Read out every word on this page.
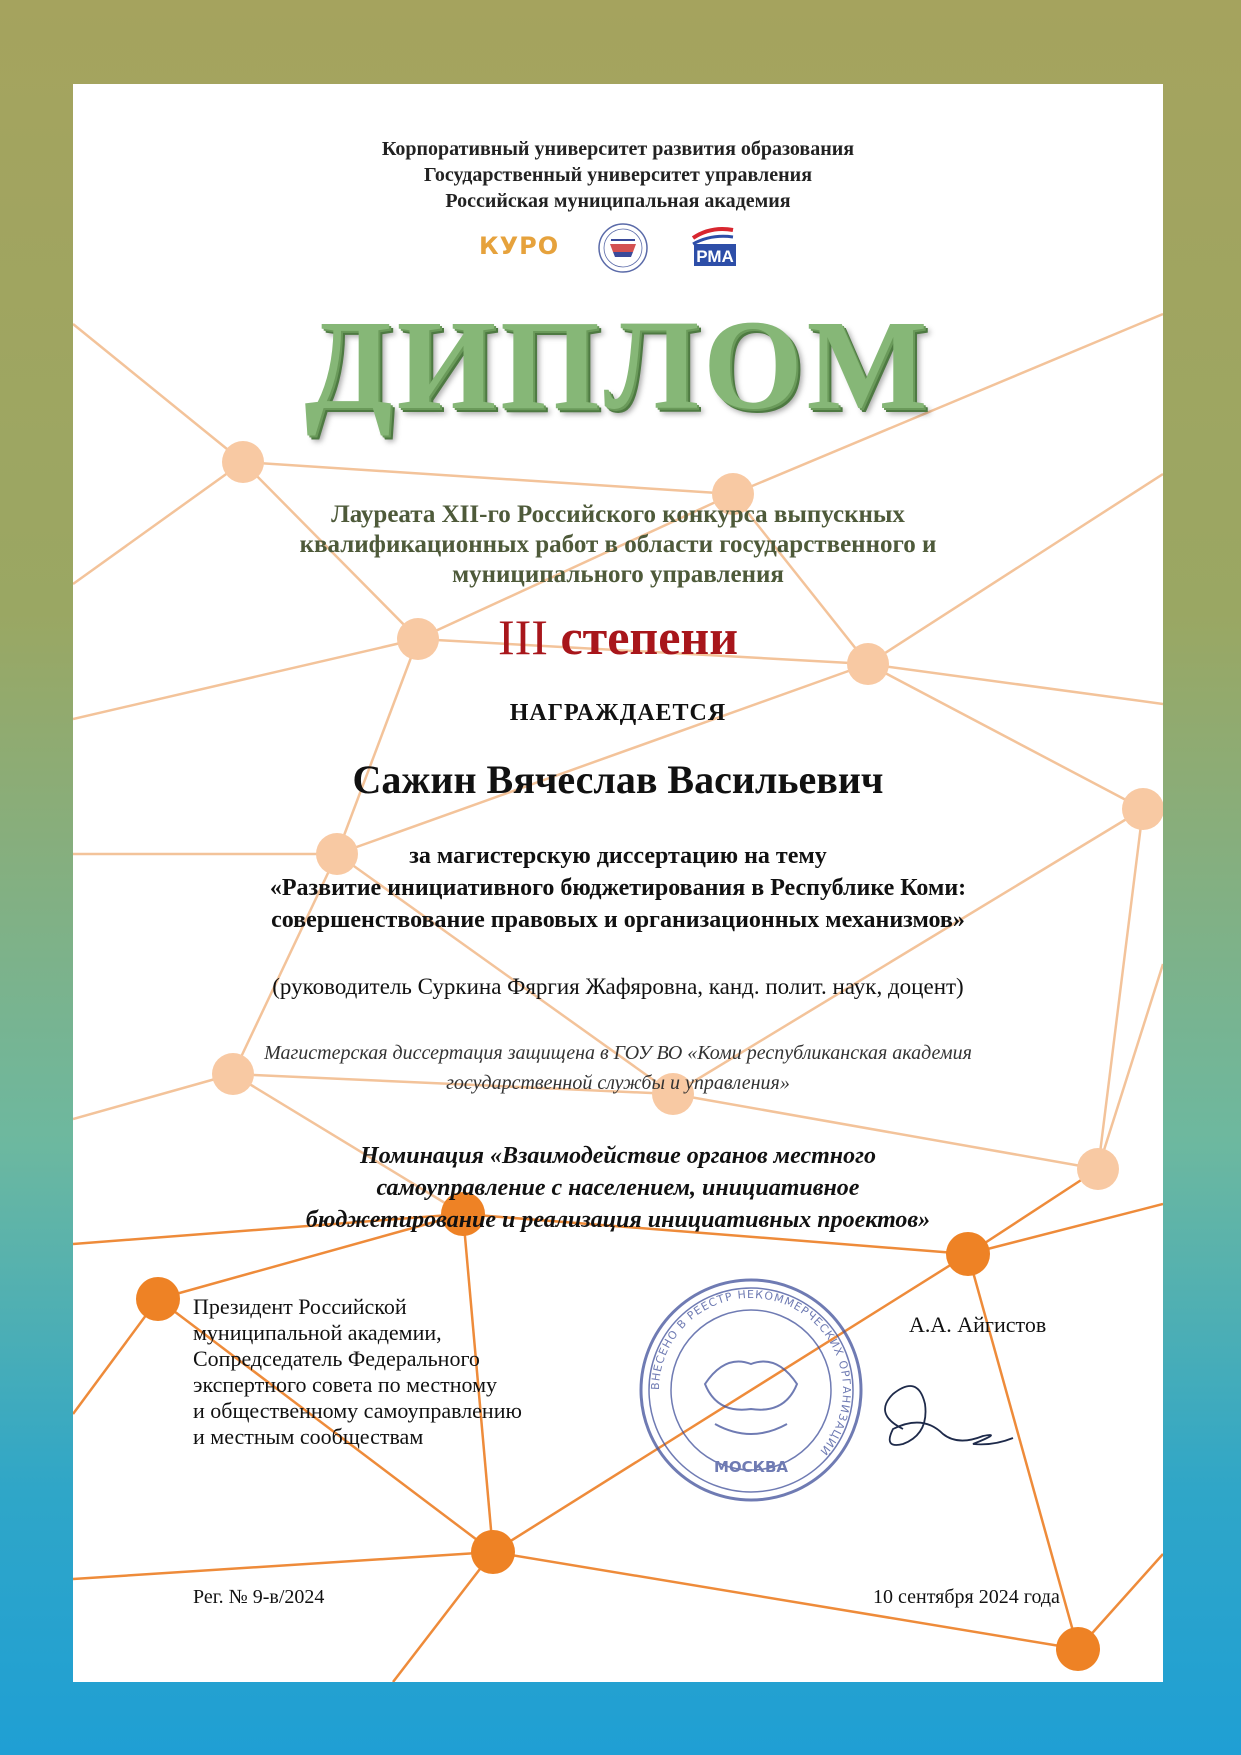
Корпоративный университет развития образования
Государственный университет управления
Российская муниципальная академия
КУРО	РМА
ДИПЛОМ
Лауреата XII-го Российского конкурса выпускных
квалификационных работ в области государственного и
муниципального управления
III степени
НАГРАЖДАЕТСЯ
Сажин Вячеслав Васильевич
за магистерскую диссертацию на тему
«Развитие инициативного бюджетирования в Республике Коми:
совершенствование правовых и организационных механизмов»
(руководитель Суркина Фяргия Жафяровна, канд. полит. наук, доцент)
Магистерская диссертация защищена в ГОУ ВО «Коми республиканская академия
государственной службы и управления»
Номинация «Взаимодействие органов местного
самоуправление с населением, инициативное
бюджетирование и реализация инициативных проектов»
Президент Российской
муниципальной академии,
Сопредседатель Федерального
экспертного совета по местному
и общественному самоуправлению
и местным сообществам
ВНЕСЕНО В РЕЕСТР НЕКОММЕРЧЕСКИХ ОРГАНИЗАЦИЙ
МОСКВА
А.А. Айгистов
Рег. № 9-в/2024	10 сентября 2024 года
